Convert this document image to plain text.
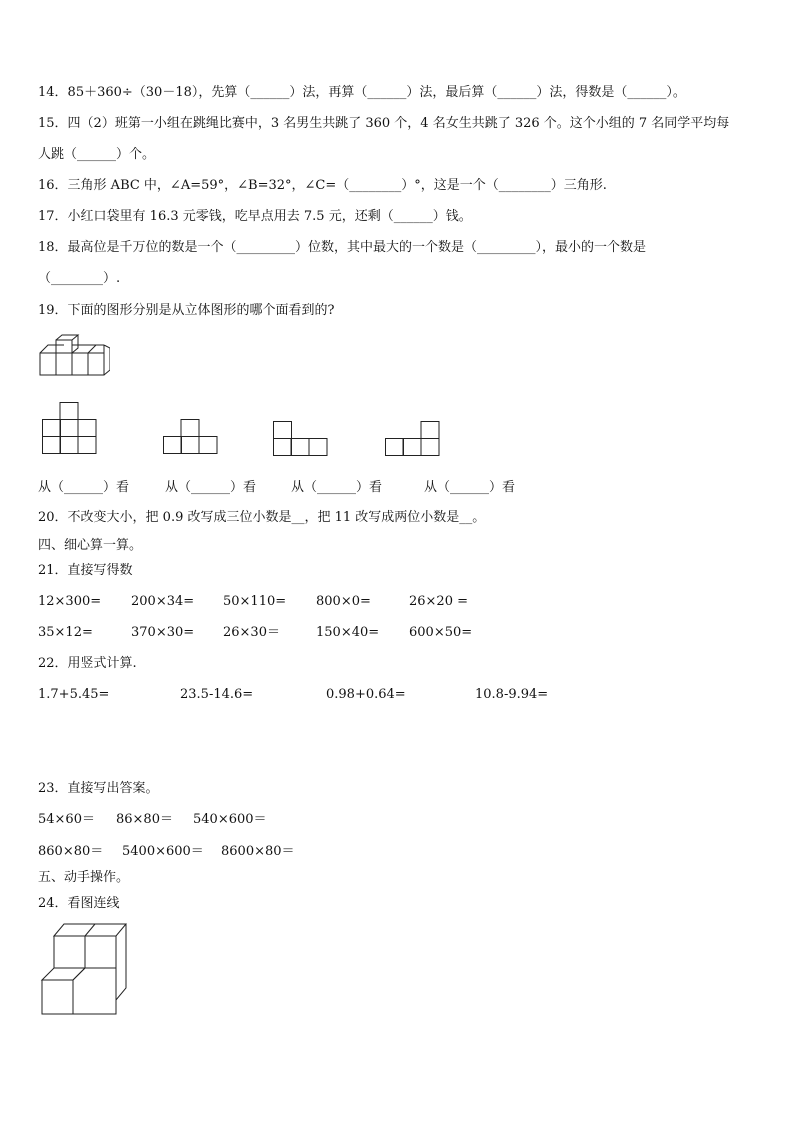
14．85＋360÷（30－18），先算（______）法，再算（______）法，最后算（______）法，得数是（______）。
15．四（2）班第一小组在跳绳比赛中，3 名男生共跳了 360 个，4 名女生共跳了 326 个。这个小组的 7 名同学平均每
人跳（______）个。
16．三角形 ABC 中，∠A=59°，∠B=32°，∠C=（________）°，这是一个（________）三角形.
17．小红口袋里有 16.3 元零钱，吃早点用去 7.5 元，还剩（______）钱。
18．最高位是千万位的数是一个（_________）位数，其中最大的一个数是（_________），最小的一个数是
（________）.
19．下面的图形分别是从立体图形的哪个面看到的?
从（______）看	从（______）看	从（______）看	从（______）看
20．不改变大小，把 0.9 改写成三位小数是__，把 11 改写成两位小数是__。
四、细心算一算。
21．直接写得数
12×300= 200×34= 50×110= 800×0=	26×20 =
35×12=	370×30= 26×30＝	150×40= 600×50=
22．用竖式计算.
1.7+5.45=	23.5-14.6=	0.98+0.64=	10.8-9.94=
23．直接写出答案。
54×60＝ 86×80＝ 540×600＝
860×80＝ 5400×600＝ 8600×80＝
五、动手操作。
24．看图连线
